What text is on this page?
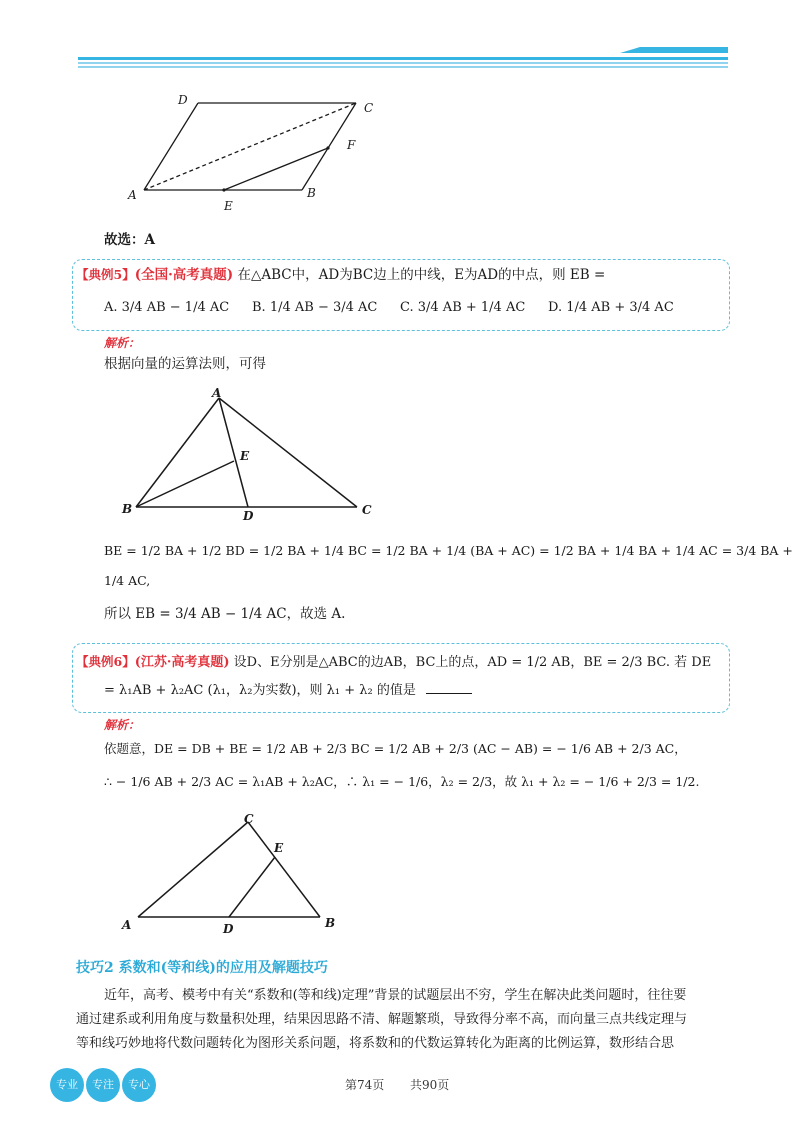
D
C
F
A
E
B
故选：A
【典例5】(全国·高考真题) 在△ABC中，AD为BC边上的中线，E为AD的中点，则 EB =
A. 3/4 AB − 1/4 AC B. 1/4 AB − 3/4 AC C. 3/4 AB + 1/4 AC D. 1/4 AB + 3/4 AC
解析：
根据向量的运算法则，可得
A
E
B	D	C
BE = 1/2 BA + 1/2 BD = 1/2 BA + 1/4 BC = 1/2 BA + 1/4 (BA + AC) = 1/2 BA + 1/4 BA + 1/4 AC = 3/4 BA +
1/4 AC,
所以 EB = 3/4 AB − 1/4 AC，故选 A.
【典例6】(江苏·高考真题) 设D、E分别是△ABC的边AB，BC上的点，AD = 1/2 AB，BE = 2/3 BC. 若 DE
= λ₁AB + λ₂AC (λ₁，λ₂为实数)，则 λ₁ + λ₂ 的值是
解析：
依题意，DE = DB + BE = 1/2 AB + 2/3 BC = 1/2 AB + 2/3 (AC − AB) = − 1/6 AB + 2/3 AC，
∴ − 1/6 AB + 2/3 AC = λ₁AB + λ₂AC，∴ λ₁ = − 1/6，λ₂ = 2/3，故 λ₁ + λ₂ = − 1/6 + 2/3 = 1/2.
C
E
A	D	B
技巧2 系数和(等和线)的应用及解题技巧
近年，高考、模考中有关“系数和(等和线)定理”背景的试题层出不穷，学生在解决此类问题时，往往要
通过建系或利用角度与数量积处理，结果因思路不清、解题繁琐，导致得分率不高，而向量三点共线定理与
等和线巧妙地将代数问题转化为图形关系问题，将系数和的代数运算转化为距离的比例运算，数形结合思
专业	专注	专心	第74页 共90页
